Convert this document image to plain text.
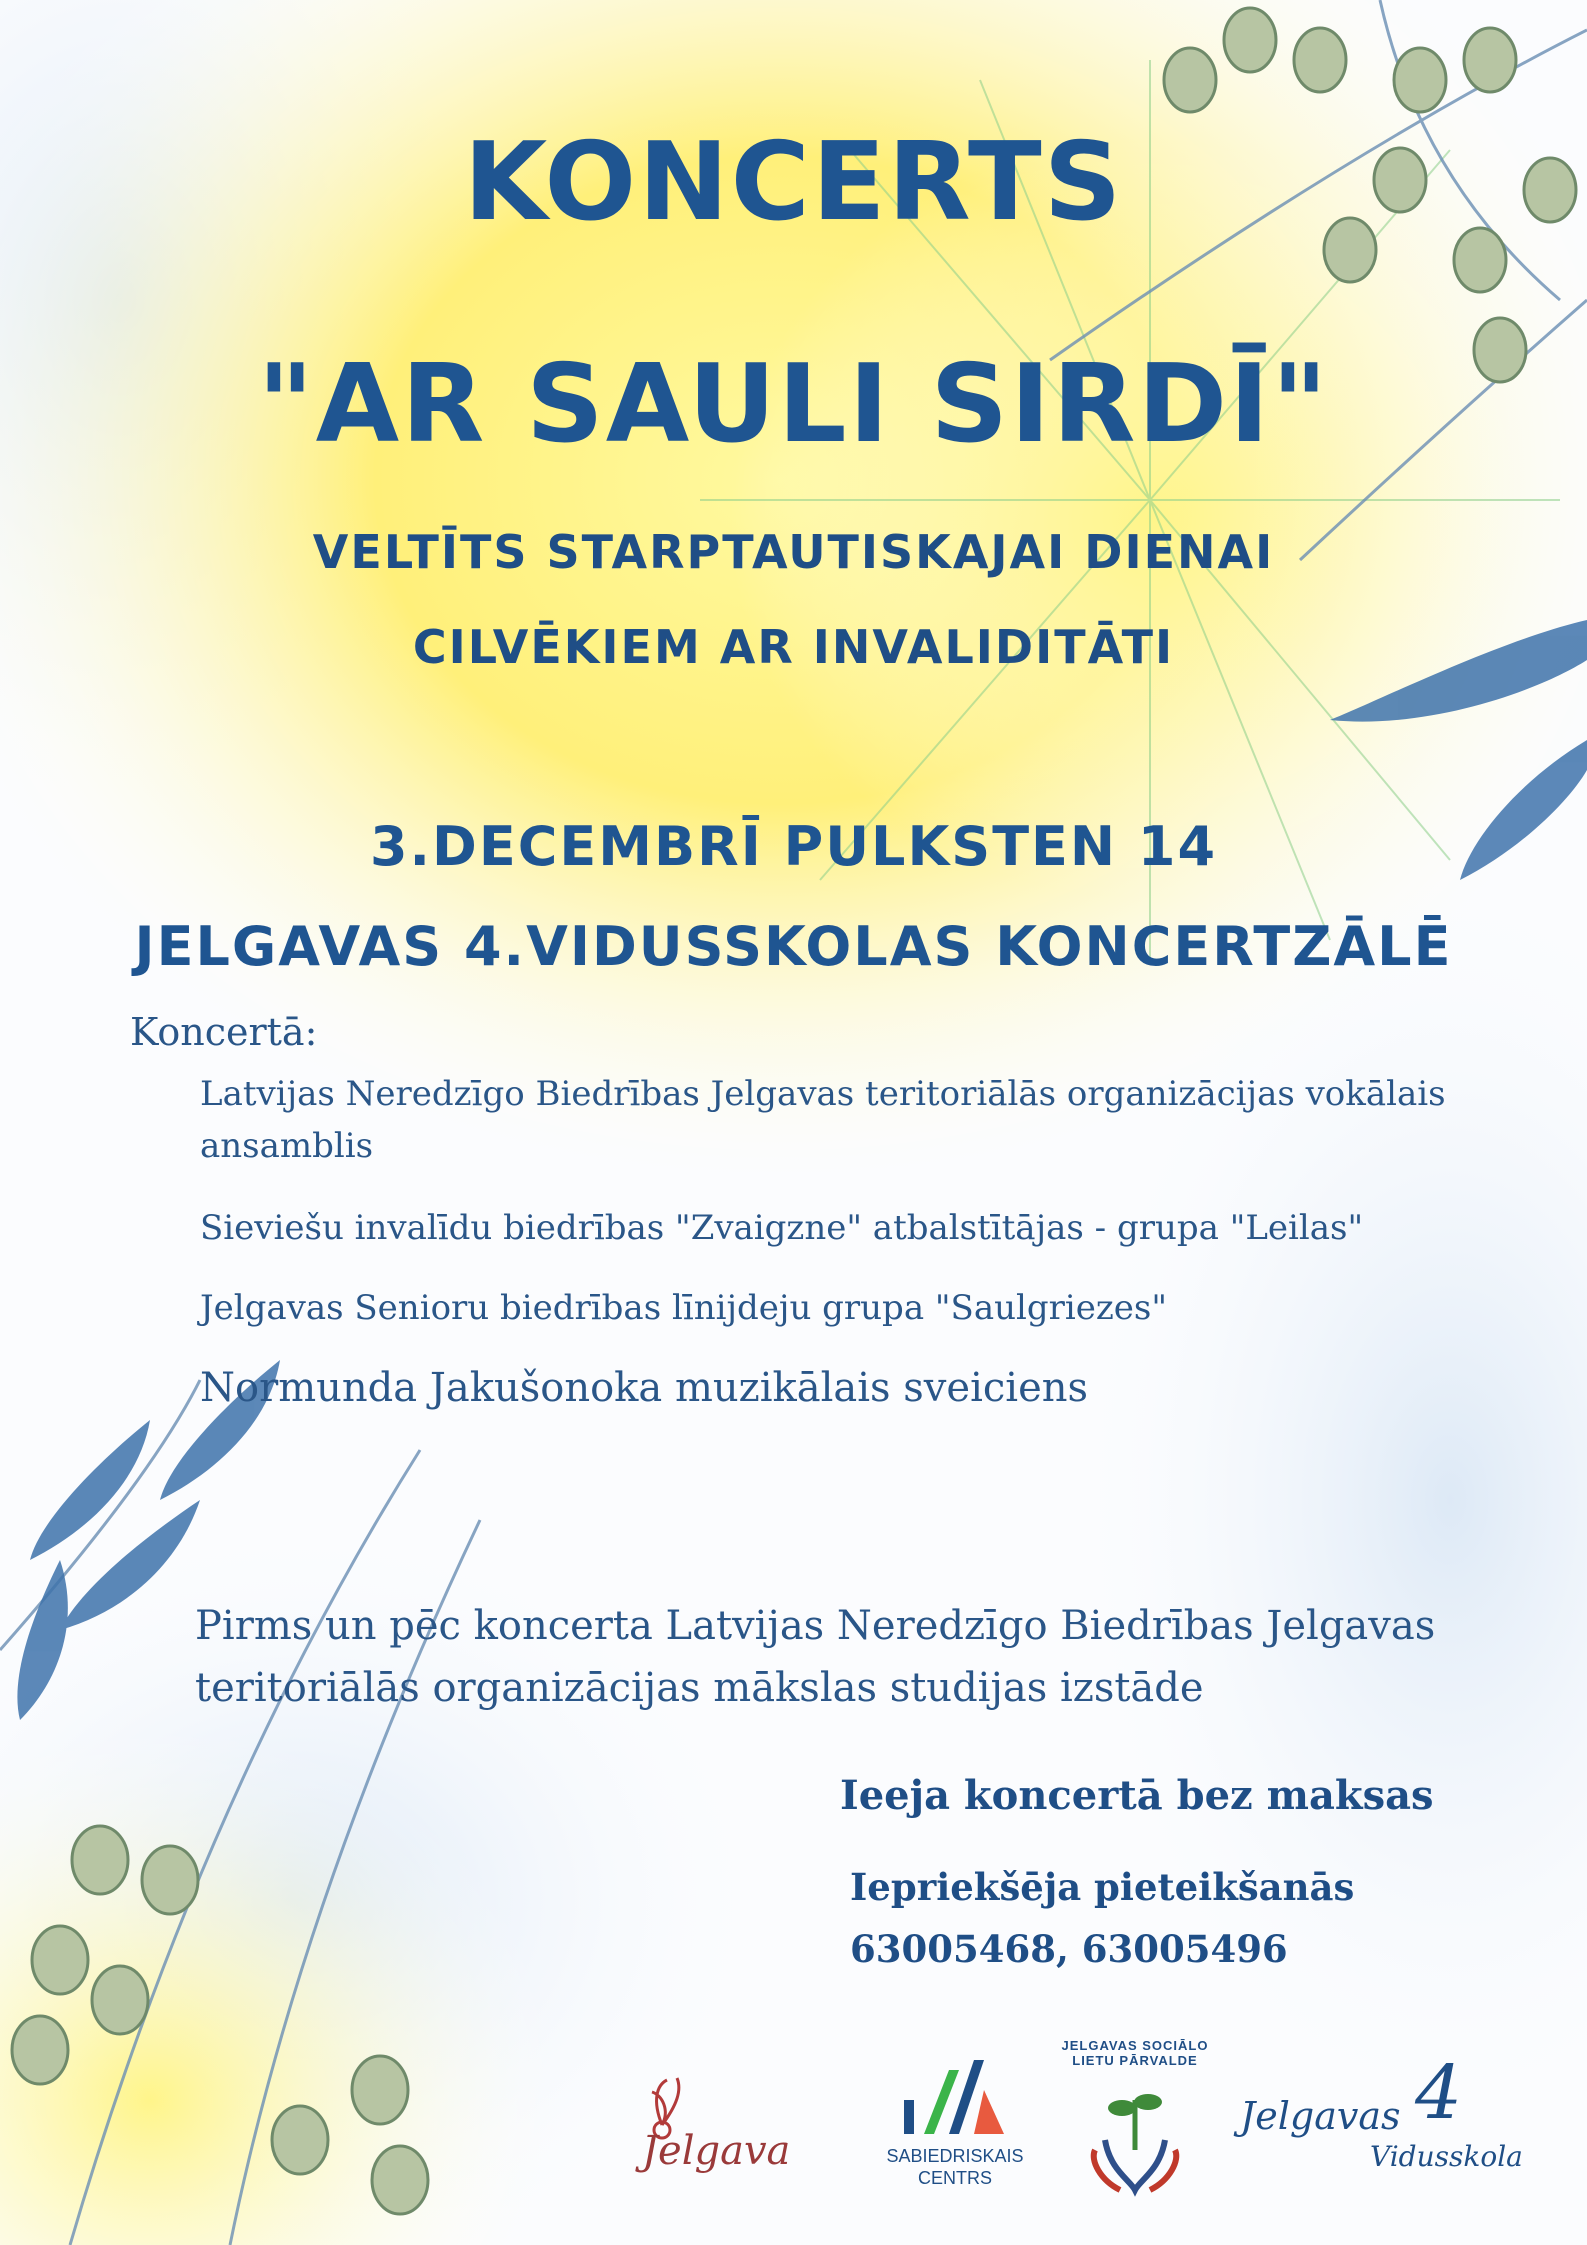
KONCERTS
"AR SAULI SIRDĪ"
VELTĪTS STARPTAUTISKAJAI DIENAI
CILVĒKIEM AR INVALIDITĀTI
3.DECEMBRĪ PULKSTEN 14
JELGAVAS 4.VIDUSSKOLAS KONCERTZĀLĒ
Koncertā:
Latvijas Neredzīgo Biedrības Jelgavas teritoriālās organizācijas vokālais ansamblis
Sieviešu invalīdu biedrības "Zvaigzne" atbalstītājas - grupa "Leilas"
Jelgavas Senioru biedrības līnijdeju grupa "Saulgriezes"
Normunda Jakušonoka muzikālais sveiciens
Pirms un pēc koncerta Latvijas Neredzīgo Biedrības Jelgavas teritoriālās organizācijas mākslas studijas izstāde
Ieeja koncertā bez maksas
Iepriekšēja pieteikšanās
63005468, 63005496
Jelgava	SABIEDRISKAIS
CENTRS
JELGAVAS SOCIĀLO LIETU PĀRVALDE
Jelgavas 4
Vidusskola
